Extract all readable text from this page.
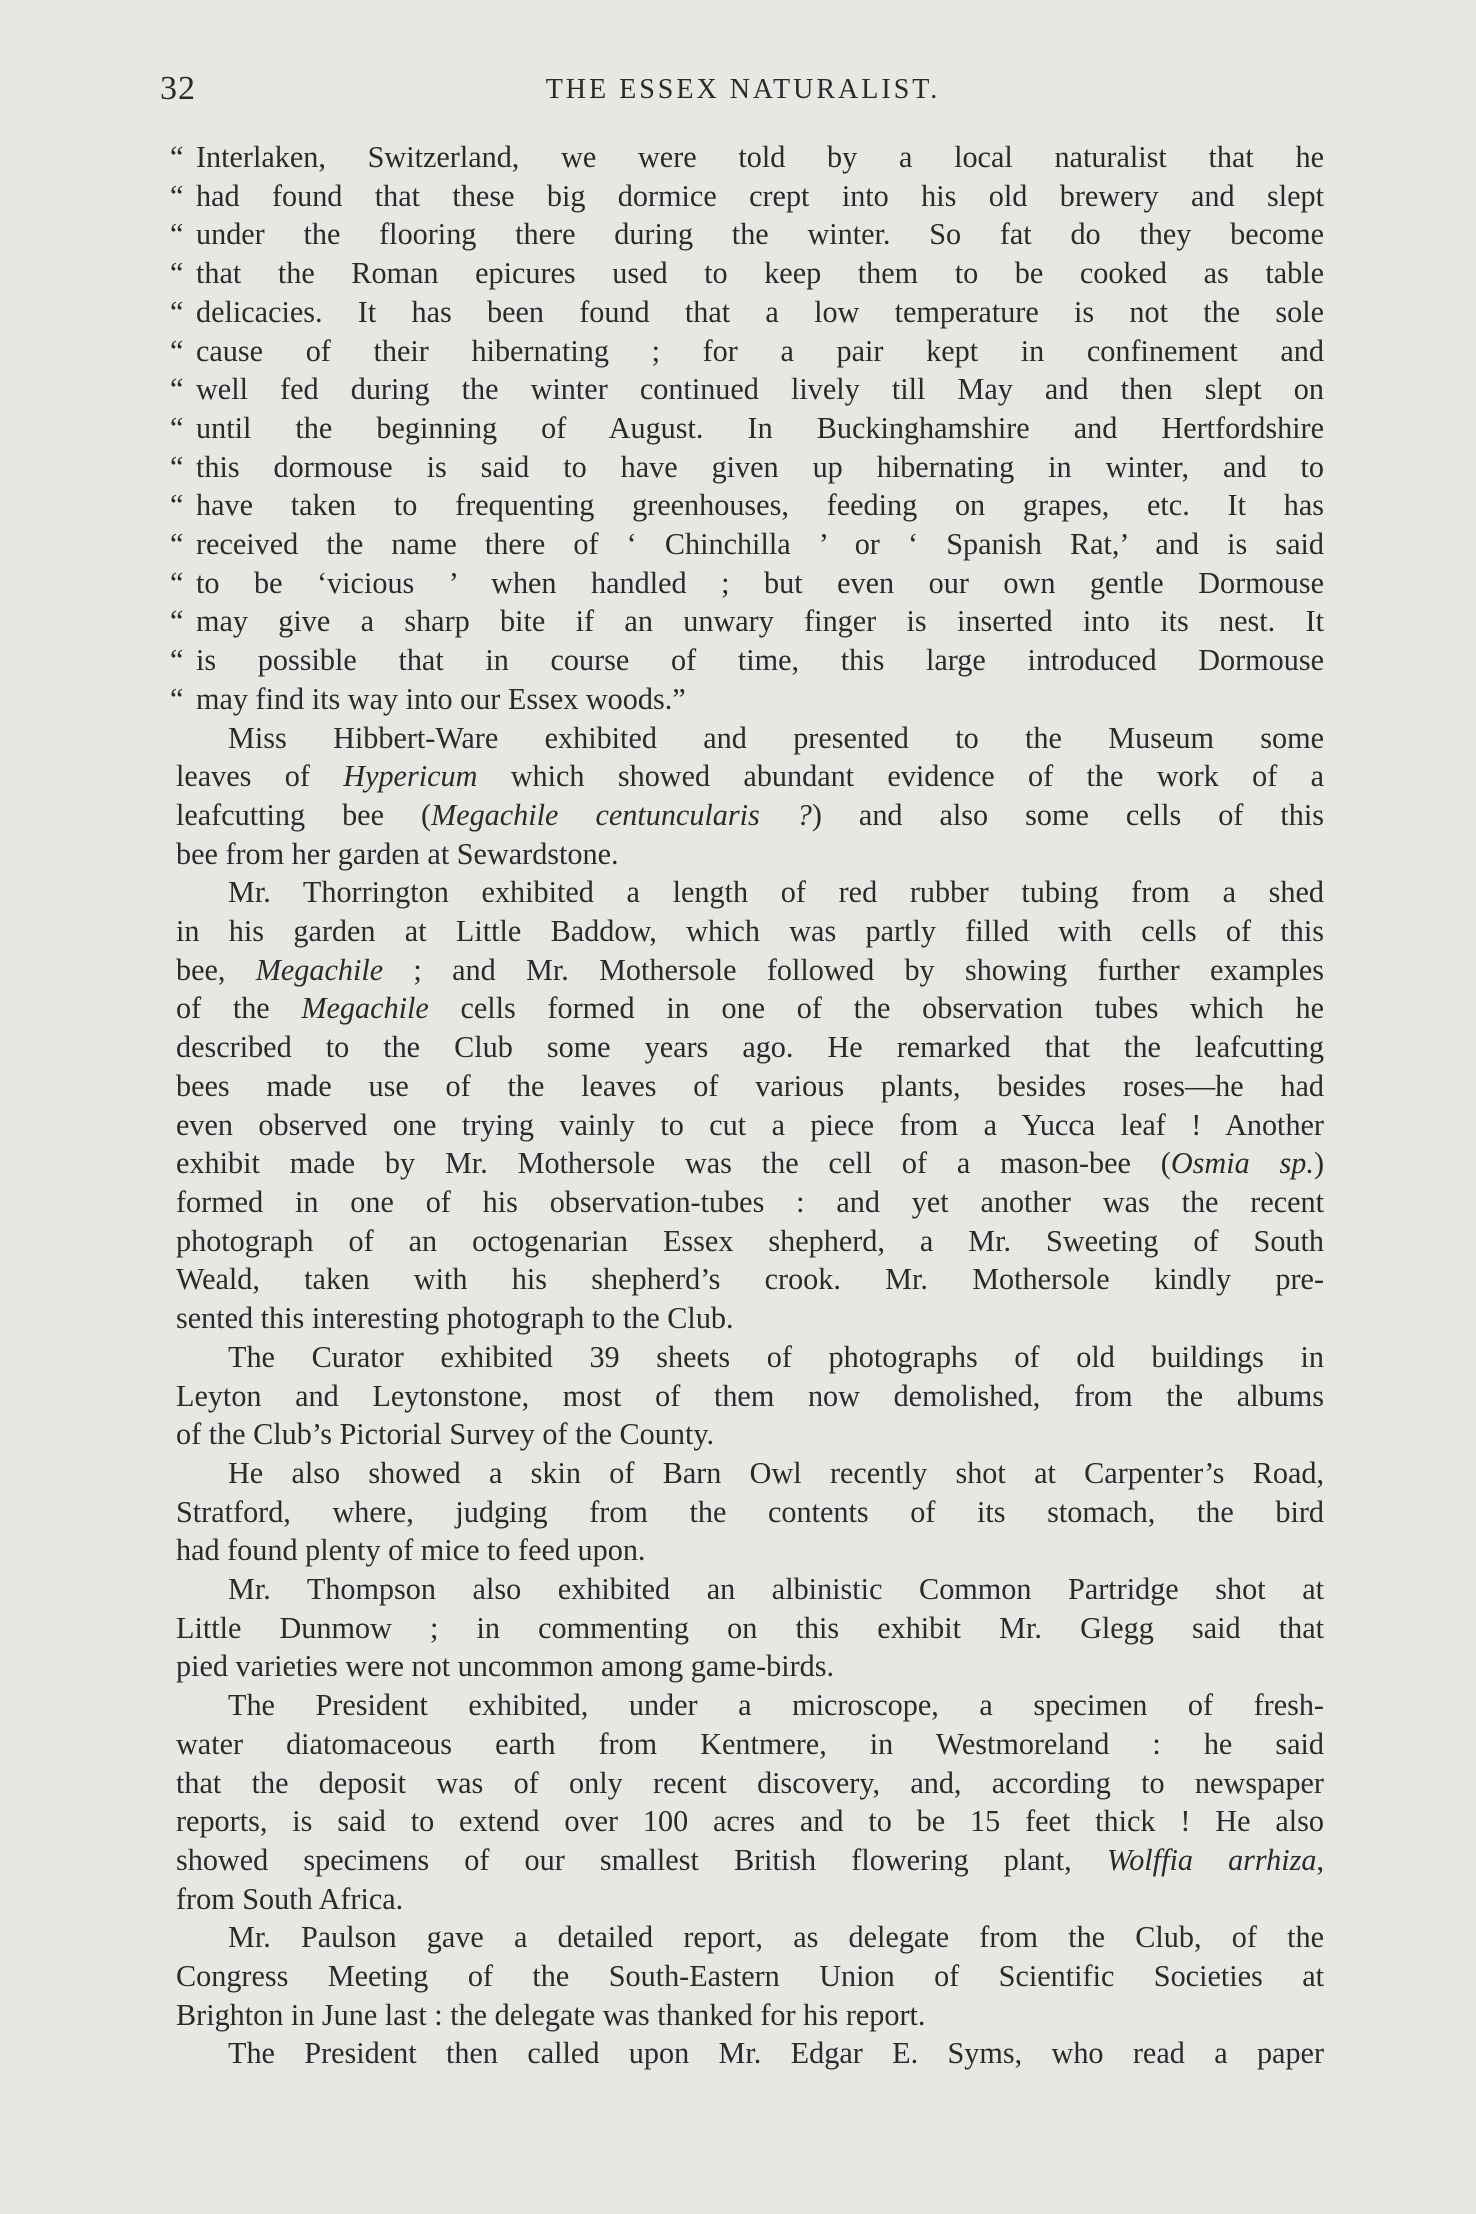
32	THE ESSEX NATURALIST.
“ Interlaken, Switzerland, we were told by a local naturalist that he
“ had found that these big dormice crept into his old brewery and slept
“ under the flooring there during the winter. So fat do they become
“ that the Roman epicures used to keep them to be cooked as table
“ delicacies. It has been found that a low temperature is not the sole
“ cause of their hibernating ; for a pair kept in confinement and
“ well fed during the winter continued lively till May and then slept on
“ until the beginning of August. In Buckinghamshire and Hertfordshire
“ this dormouse is said to have given up hibernating in winter, and to
“ have taken to frequenting greenhouses, feeding on grapes, etc. It has
“ received the name there of ‘ Chinchilla ’ or ‘ Spanish Rat,’ and is said
“ to be ‘vicious ’ when handled ; but even our own gentle Dormouse
“ may give a sharp bite if an unwary finger is inserted into its nest. It
“ is possible that in course of time, this large introduced Dormouse
“ may find its way into our Essex woods.”
Miss Hibbert-Ware exhibited and presented to the Museum some
leaves of Hypericum which showed abundant evidence of the work of a
leafcutting bee (Megachile centuncularis ?) and also some cells of this
bee from her garden at Sewardstone.
Mr. Thorrington exhibited a length of red rubber tubing from a shed
in his garden at Little Baddow, which was partly filled with cells of this
bee, Megachile ; and Mr. Mothersole followed by showing further examples
of the Megachile cells formed in one of the observation tubes which he
described to the Club some years ago. He remarked that the leafcutting
bees made use of the leaves of various plants, besides roses—he had
even observed one trying vainly to cut a piece from a Yucca leaf ! Another
exhibit made by Mr. Mothersole was the cell of a mason-bee (Osmia sp.)
formed in one of his observation-tubes : and yet another was the recent
photograph of an octogenarian Essex shepherd, a Mr. Sweeting of South
Weald, taken with his shepherd’s crook. Mr. Mothersole kindly pre-
sented this interesting photograph to the Club.
The Curator exhibited 39 sheets of photographs of old buildings in
Leyton and Leytonstone, most of them now demolished, from the albums
of the Club’s Pictorial Survey of the County.
He also showed a skin of Barn Owl recently shot at Carpenter’s Road,
Stratford, where, judging from the contents of its stomach, the bird
had found plenty of mice to feed upon.
Mr. Thompson also exhibited an albinistic Common Partridge shot at
Little Dunmow ; in commenting on this exhibit Mr. Glegg said that
pied varieties were not uncommon among game-birds.
The President exhibited, under a microscope, a specimen of fresh-
water diatomaceous earth from Kentmere, in Westmoreland : he said
that the deposit was of only recent discovery, and, according to newspaper
reports, is said to extend over 100 acres and to be 15 feet thick ! He also
showed specimens of our smallest British flowering plant, Wolffia arrhiza,
from South Africa.
Mr. Paulson gave a detailed report, as delegate from the Club, of the
Congress Meeting of the South-Eastern Union of Scientific Societies at
Brighton in June last : the delegate was thanked for his report.
The President then called upon Mr. Edgar E. Syms, who read a paper
